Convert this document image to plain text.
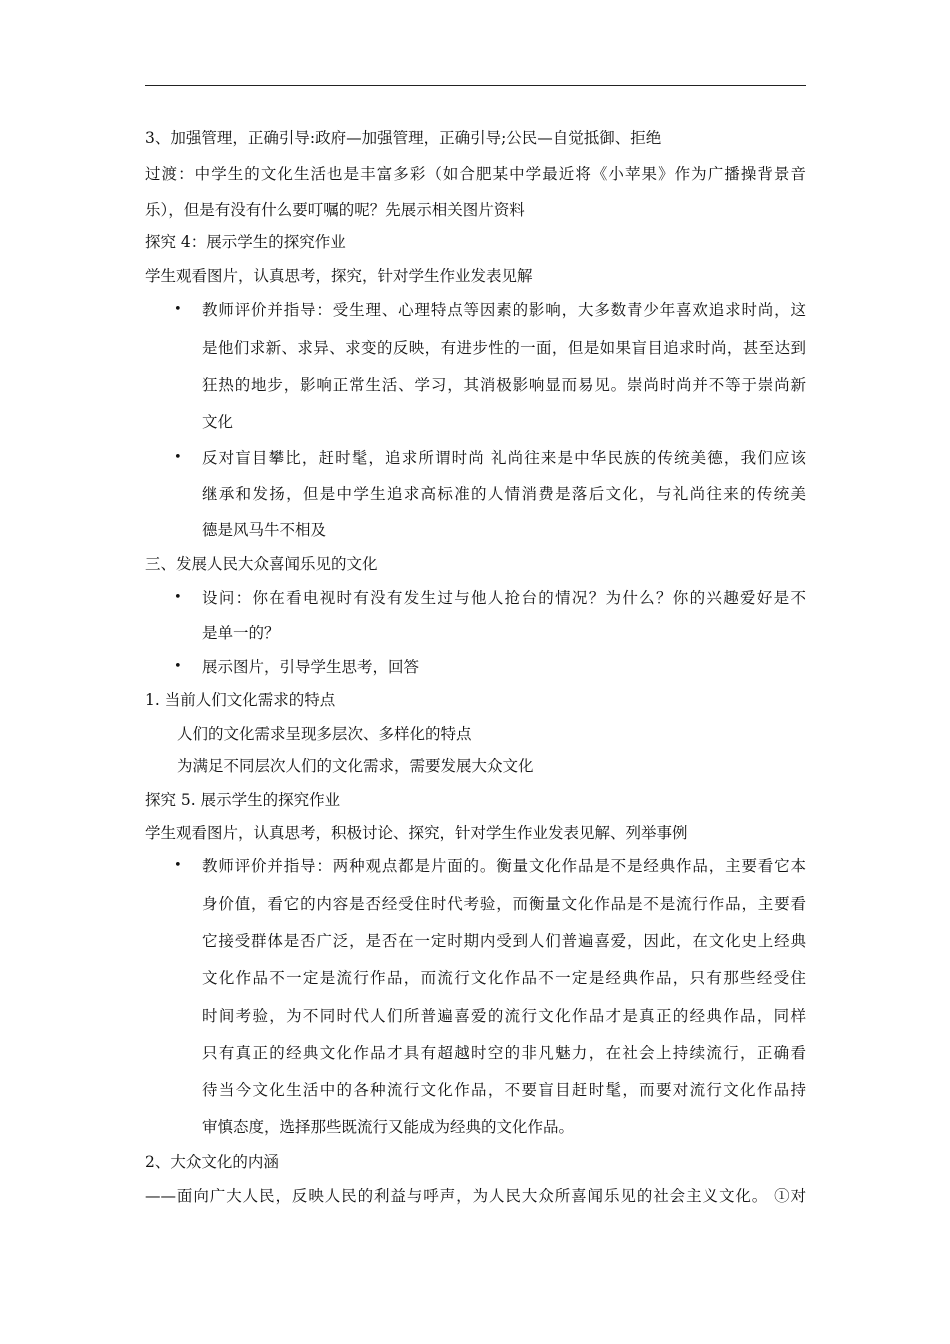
3、加强管理，正确引导:政府—加强管理，正确引导;公民—自觉抵御、拒绝
过渡：中学生的文化生活也是丰富多彩（如合肥某中学最近将《小苹果》作为广播操背景音
乐），但是有没有什么要叮嘱的呢？先展示相关图片资料
探究 4：展示学生的探究作业
学生观看图片，认真思考，探究，针对学生作业发表见解
• 教师评价并指导：受生理、心理特点等因素的影响，大多数青少年喜欢追求时尚，这
是他们求新、求异、求变的反映，有进步性的一面，但是如果盲目追求时尚，甚至达到
狂热的地步，影响正常生活、学习，其消极影响显而易见。崇尚时尚并不等于崇尚新
文化
• 反对盲目攀比，赶时髦，追求所谓时尚 礼尚往来是中华民族的传统美德，我们应该
继承和发扬，但是中学生追求高标准的人情消费是落后文化，与礼尚往来的传统美
德是风马牛不相及
三、发展人民大众喜闻乐见的文化
• 设问：你在看电视时有没有发生过与他人抢台的情况？为什么？你的兴趣爱好是不
是单一的？
• 展示图片，引导学生思考，回答
1. 当前人们文化需求的特点
人们的文化需求呈现多层次、多样化的特点
为满足不同层次人们的文化需求，需要发展大众文化
探究 5. 展示学生的探究作业
学生观看图片，认真思考，积极讨论、探究，针对学生作业发表见解、列举事例
• 教师评价并指导：两种观点都是片面的。衡量文化作品是不是经典作品，主要看它本
身价值，看它的内容是否经受住时代考验，而衡量文化作品是不是流行作品，主要看
它接受群体是否广泛，是否在一定时期内受到人们普遍喜爱，因此，在文化史上经典
文化作品不一定是流行作品，而流行文化作品不一定是经典作品，只有那些经受住
时间考验，为不同时代人们所普遍喜爱的流行文化作品才是真正的经典作品，同样
只有真正的经典文化作品才具有超越时空的非凡魅力，在社会上持续流行，正确看
待当今文化生活中的各种流行文化作品，不要盲目赶时髦，而要对流行文化作品持
审慎态度，选择那些既流行又能成为经典的文化作品。
2、大众文化的内涵
——面向广大人民，反映人民的利益与呼声，为人民大众所喜闻乐见的社会主义文化。 ①对
